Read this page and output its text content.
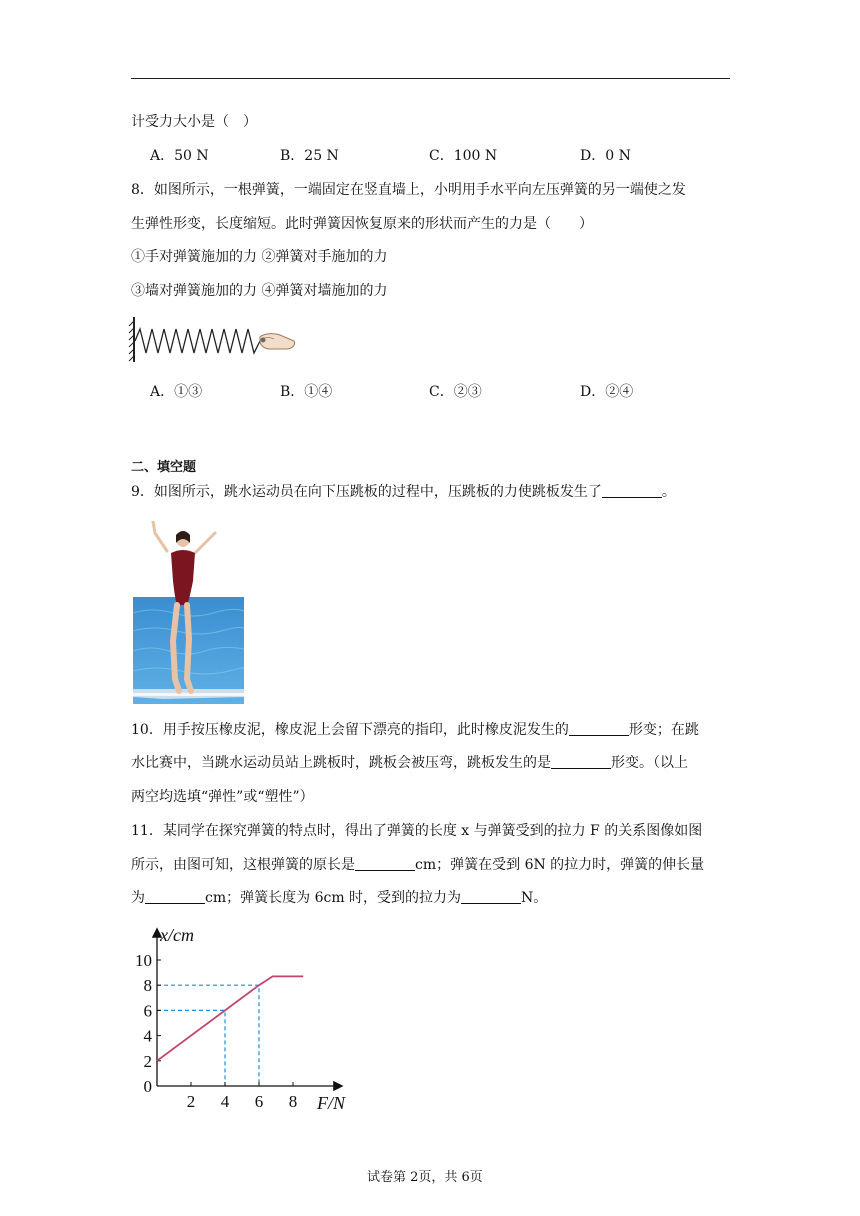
计受力大小是（　）
A．50 N	B．25 N	C．100 N	D．0 N
8．如图所示，一根弹簧，一端固定在竖直墙上，小明用手水平向左压弹簧的另一端使之发
生弹性形变，长度缩短。此时弹簧因恢复原来的形状而产生的力是（　　）
①手对弹簧施加的力 ②弹簧对手施加的力
③墙对弹簧施加的力 ④弹簧对墙施加的力
A．①③	B．①④	C．②③	D．②④
二、填空题
9．如图所示，跳水运动员在向下压跳板的过程中，压跳板的力使跳板发生了	。
10．用手按压橡皮泥，橡皮泥上会留下漂亮的指印，此时橡皮泥发生的	形变；在跳
水比赛中，当跳水运动员站上跳板时，跳板会被压弯，跳板发生的是	形变。（以上
两空均选填“弹性”或“塑性”）
11．某同学在探究弹簧的特点时，得出了弹簧的长度 x 与弹簧受到的拉力 F 的关系图像如图
所示，由图可知，这根弹簧的原长是	cm；弹簧在受到 6N 的拉力时，弹簧的伸长量
为	cm；弹簧长度为 6cm 时，受到的拉力为	N。
0
2
4
6
8
10
2 4 6 8
x/cm
F/N
试卷第 2页，共 6页
